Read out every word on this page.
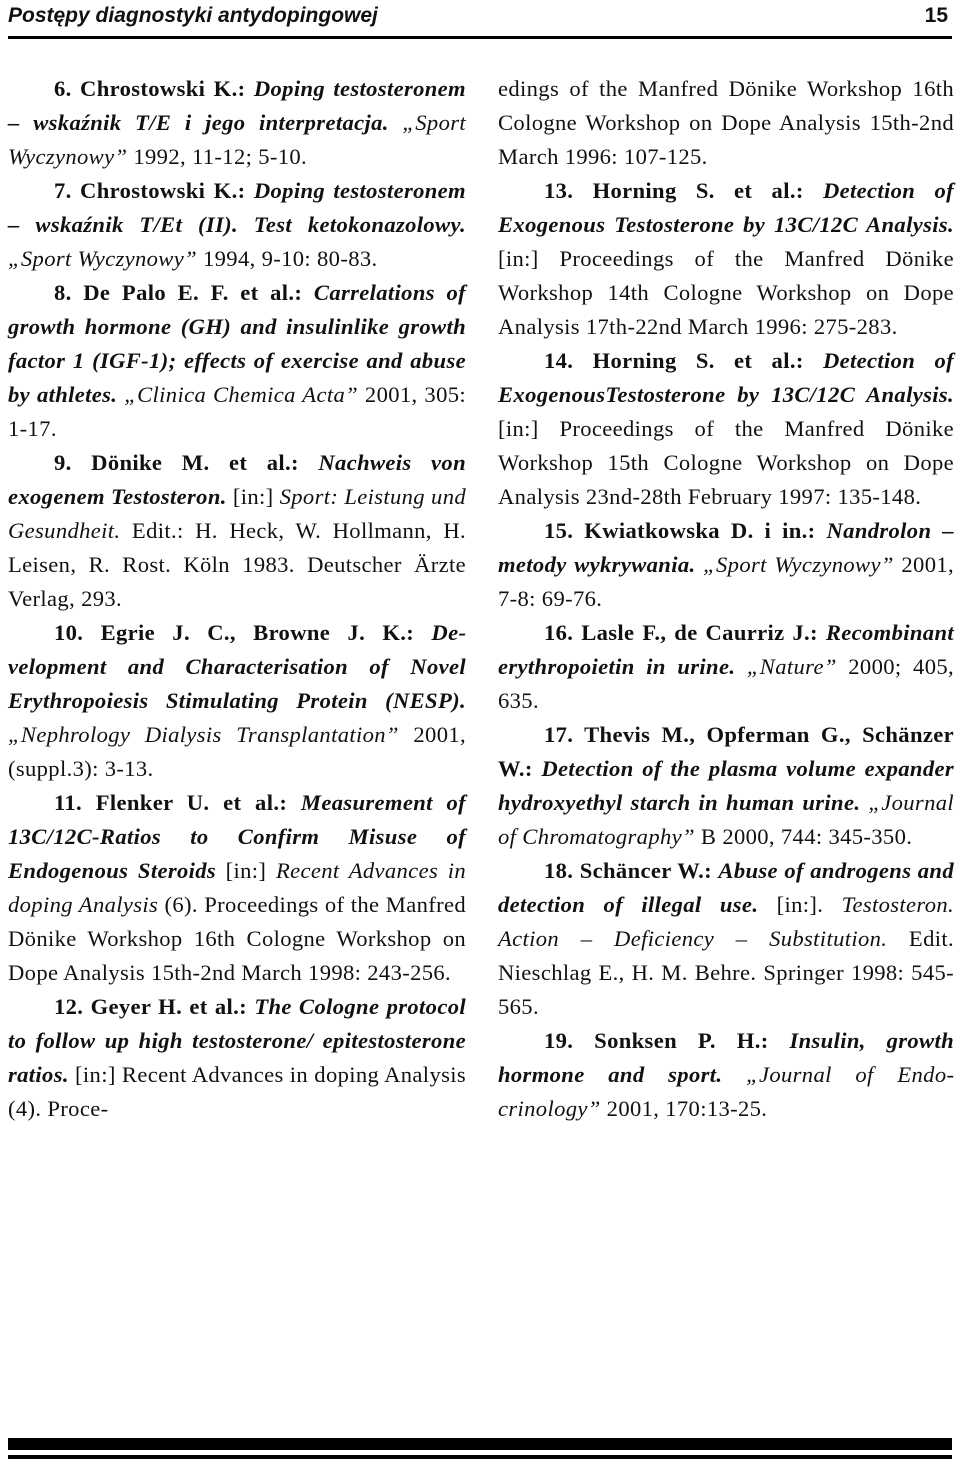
Postępy diagnostyki antydopingowej	15

6. Chrostowski K.: Doping testosteronem – wskaźnik T/E i jego interpretacja. „Sport Wyczynowy” 1992, 11-12; 5-10.

7. Chrostowski K.: Doping testosteronem – wskaźnik T/Et (II). Test ketokonazolowy. „Sport Wyczynowy” 1994, 9-10: 80-83.

8. De Palo E. F. et al.: Carrelations of growth hormone (GH) and insulinlike growth factor 1 (IGF-1); effects of exercise and abuse by athletes. „Clinica Chemica Acta” 2001, 305: 1-17.

9. Dönike M. et al.: Nachweis von exogenem Testosteron. [in:] Sport: Leistung und Gesundheit. Edit.: H. Heck, W. Hollmann, H. Leisen, R. Rost. Köln 1983. Deutscher Ärzte Verlag, 293.

10. Egrie J. C., Browne J. K.: Development and Characterisation of Novel Erythropoiesis Stimulating Protein (NESP). „Nephrology Dialysis Transplantation” 2001, (suppl.3): 3-13.

11. Flenker U. et al.: Measurement of 13C/12C-Ratios to Confirm Misuse of Endogenous Steroids [in:] Recent Advances in doping Analysis (6). Proceedings of the Manfred Dönike Workshop 16th Cologne Workshop on Dope Analysis 15th-2nd March 1998: 243-256.

12. Geyer H. et al.: The Cologne protocol to follow up high testosterone/ epitestosterone ratios. [in:] Recent Advances in doping Analysis (4). Proce-

edings of the Manfred Dönike Workshop 16th Cologne Workshop on Dope Analysis 15th-2nd March 1996: 107-125.

13. Horning S. et al.: Detection of Exogenous Testosterone by 13C/12C Analysis. [in:] Proceedings of the Manfred Dönike Workshop 14th Cologne Workshop on Dope Analysis 17th-22nd March 1996: 275-283.

14. Horning S. et al.: Detection of ExogenousTestosterone by 13C/12C Analysis. [in:] Proceedings of the Manfred Dönike Workshop 15th Cologne Workshop on Dope Analysis 23nd-28th February 1997: 135-148.

15. Kwiatkowska D. i in.: Nandrolon – metody wykrywania. „Sport Wyczynowy” 2001, 7-8: 69-76.

16. Lasle F., de Caurriz J.: Recombinant erythropoietin in urine. „Nature” 2000; 405, 635.

17. Thevis M., Opferman G., Schänzer W.: Detection of the plasma volume expander hydroxyethyl starch in human urine. „Journal of Chromatography” B 2000, 744: 345-350.

18. Schäncer W.: Abuse of androgens and detection of illegal use. [in:]. Testosteron. Action – Deficiency – Substitution. Edit. Nieschlag E., H. M. Behre. Springer 1998: 545-565.

19. Sonksen P. H.: Insulin, growth hormone and sport. „Journal of Endocrinology” 2001, 170:13-25.
